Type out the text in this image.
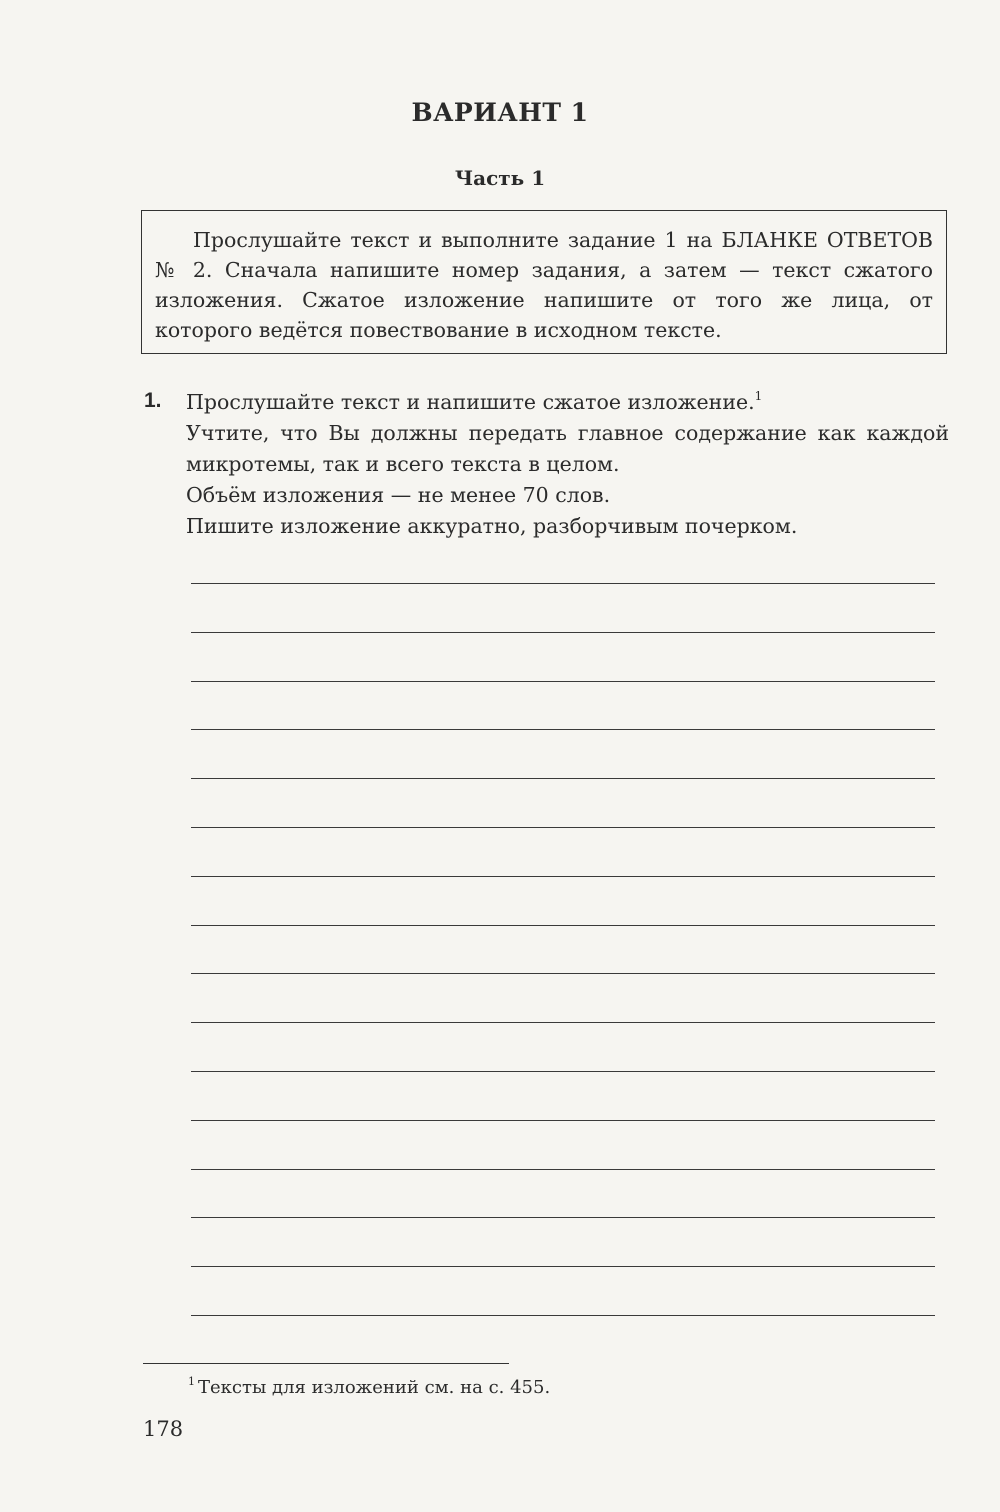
ВАРИАНТ 1
Часть 1

Прослушайте текст и выполните задание 1 на БЛАНКЕ ОТВЕТОВ № 2. Сначала напишите номер задания, а затем — текст сжатого изложения. Сжатое изложение напишите от того же лица, от которого ведётся повествование в исходном тексте.

1. Прослушайте текст и напишите сжатое изложение.$^1$

Учтите, что Вы должны передать главное содержание как каждой микротемы, так и всего текста в целом.

Объём изложения — не менее 70 слов.

Пишите изложение аккуратно, разборчивым почерком.

$^1$ Тексты для изложений см. на с. 455.
178
